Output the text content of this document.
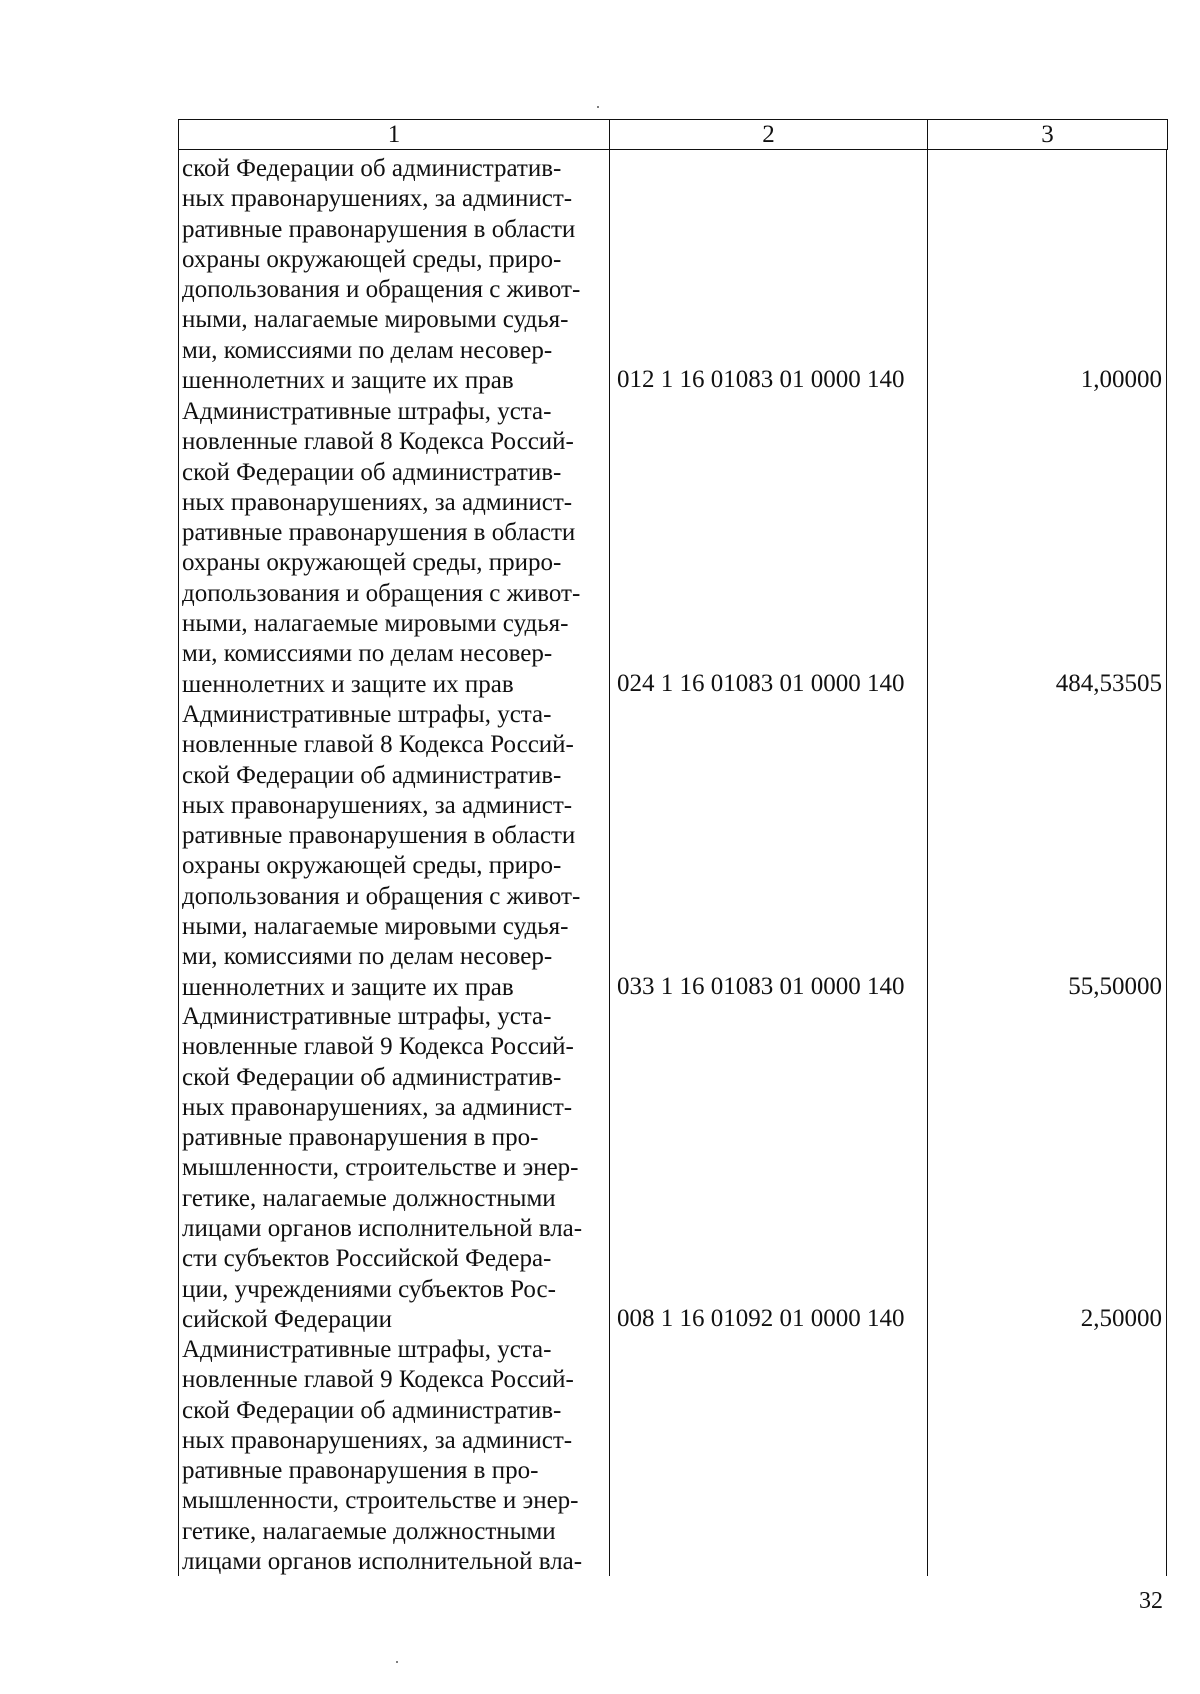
1	2	3
ской Федерации об административ-
ных правонарушениях, за админист-
ративные правонарушения в области
охраны окружающей среды, приро-
допользования и обращения с живот-
ными, налагаемые мировыми судья-
ми, комиссиями по делам несовер-
шеннолетних и защите их прав	012 1 16 01083 01 0000 140	1,00000
Административные штрафы, уста-
новленные главой 8 Кодекса Россий-
ской Федерации об административ-
ных правонарушениях, за админист-
ративные правонарушения в области
охраны окружающей среды, приро-
допользования и обращения с живот-
ными, налагаемые мировыми судья-
ми, комиссиями по делам несовер-
шеннолетних и защите их прав	024 1 16 01083 01 0000 140	484,53505
Административные штрафы, уста-
новленные главой 8 Кодекса Россий-
ской Федерации об административ-
ных правонарушениях, за админист-
ративные правонарушения в области
охраны окружающей среды, приро-
допользования и обращения с живот-
ными, налагаемые мировыми судья-
ми, комиссиями по делам несовер-
шеннолетних и защите их прав	033 1 16 01083 01 0000 140	55,50000
Административные штрафы, уста-
новленные главой 9 Кодекса Россий-
ской Федерации об административ-
ных правонарушениях, за админист-
ративные правонарушения в про-
мышленности, строительстве и энер-
гетике, налагаемые должностными
лицами органов исполнительной вла-
сти субъектов Российской Федера-
ции, учреждениями субъектов Рос-
сийской Федерации	008 1 16 01092 01 0000 140	2,50000
Административные штрафы, уста-
новленные главой 9 Кодекса Россий-
ской Федерации об административ-
ных правонарушениях, за админист-
ративные правонарушения в про-
мышленности, строительстве и энер-
гетике, налагаемые должностными
лицами органов исполнительной вла-
32
